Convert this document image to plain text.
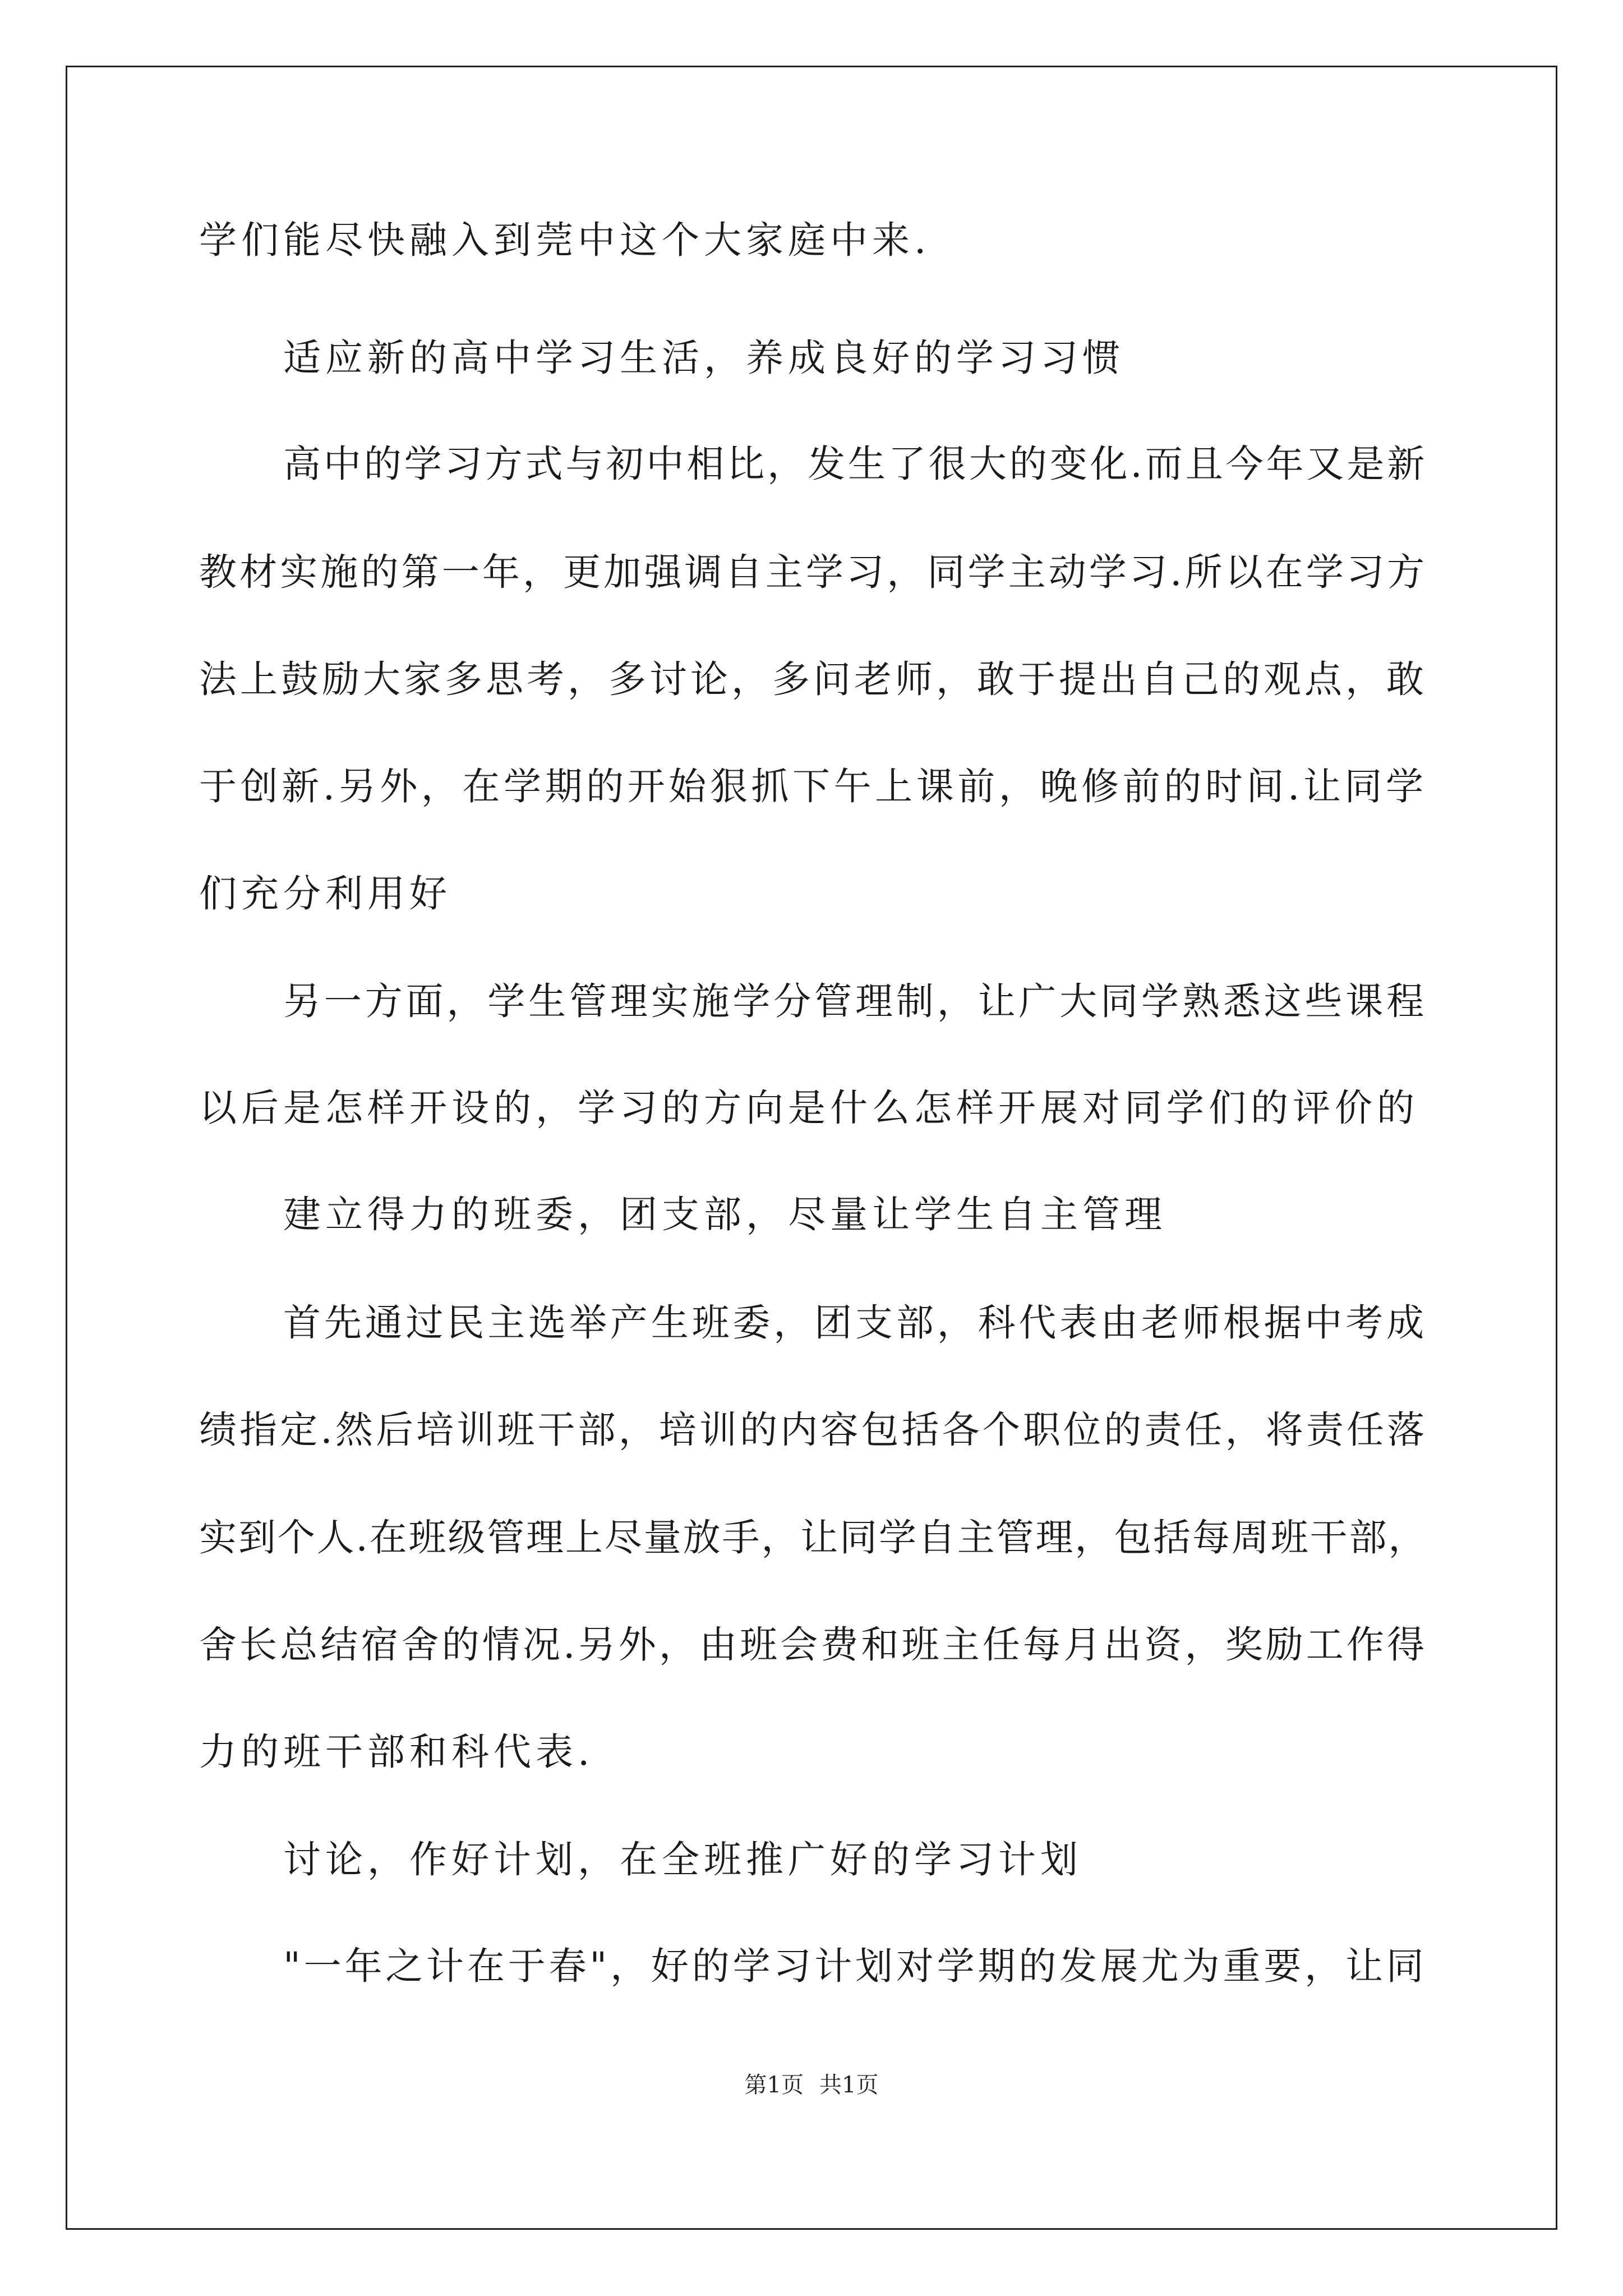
学们能尽快融入到莞中这个大家庭中来.
适应新的高中学习生活，养成良好的学习习惯
高中的学习方式与初中相比，发生了很大的变化.而且今年又是新
教材实施的第一年，更加强调自主学习，同学主动学习.所以在学习方
法上鼓励大家多思考，多讨论，多问老师，敢于提出自己的观点，敢
于创新.另外，在学期的开始狠抓下午上课前，晚修前的时间.让同学
们充分利用好
另一方面，学生管理实施学分管理制，让广大同学熟悉这些课程
以后是怎样开设的，学习的方向是什么怎样开展对同学们的评价的
建立得力的班委，团支部，尽量让学生自主管理
首先通过民主选举产生班委，团支部，科代表由老师根据中考成
绩指定.然后培训班干部，培训的内容包括各个职位的责任，将责任落
实到个人.在班级管理上尽量放手，让同学自主管理，包括每周班干部，
舍长总结宿舍的情况.另外，由班会费和班主任每月出资，奖励工作得
力的班干部和科代表.
讨论，作好计划，在全班推广好的学习计划
"一年之计在于春"，好的学习计划对学期的发展尤为重要，让同
第1页 共1页
